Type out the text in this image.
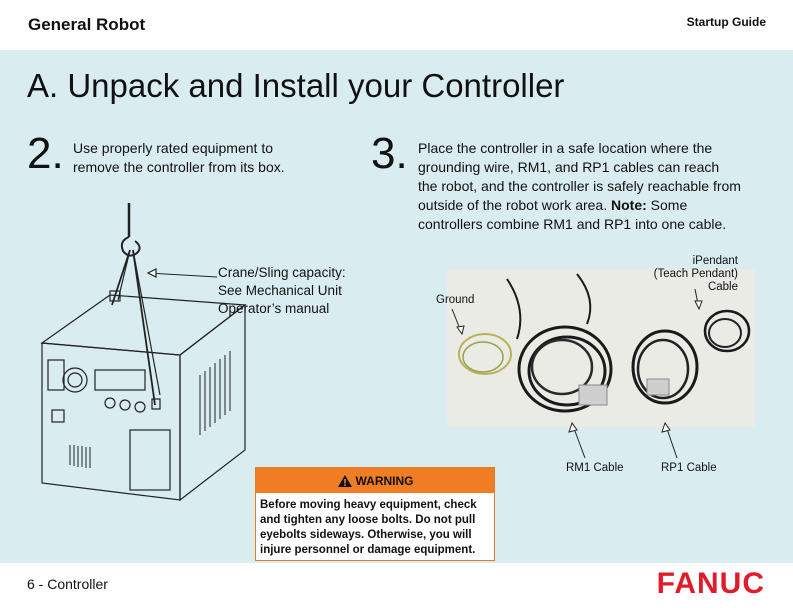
General Robot	Startup Guide
A. Unpack and Install your Controller
2. Use properly rated equipment to
remove the controller from its box. 3. Place the controller in a safe location where the
grounding wire, RM1, and RP1 cables can reach
the robot, and the controller is safely reachable from
outside of the robot work area. Note: Some
controllers combine RM1 and RP1 into one cable.
Crane/Sling capacity:
See Mechanical Unit
Operator’s manual
Ground
iPendant
(Teach Pendant)
Cable
RM1 Cable	RP1 Cable
WARNING
Before moving heavy equipment, check
and tighten any loose bolts. Do not pull
eyebolts sideways. Otherwise, you will
injure personnel or damage equipment.
6 - Controller	FANUC
